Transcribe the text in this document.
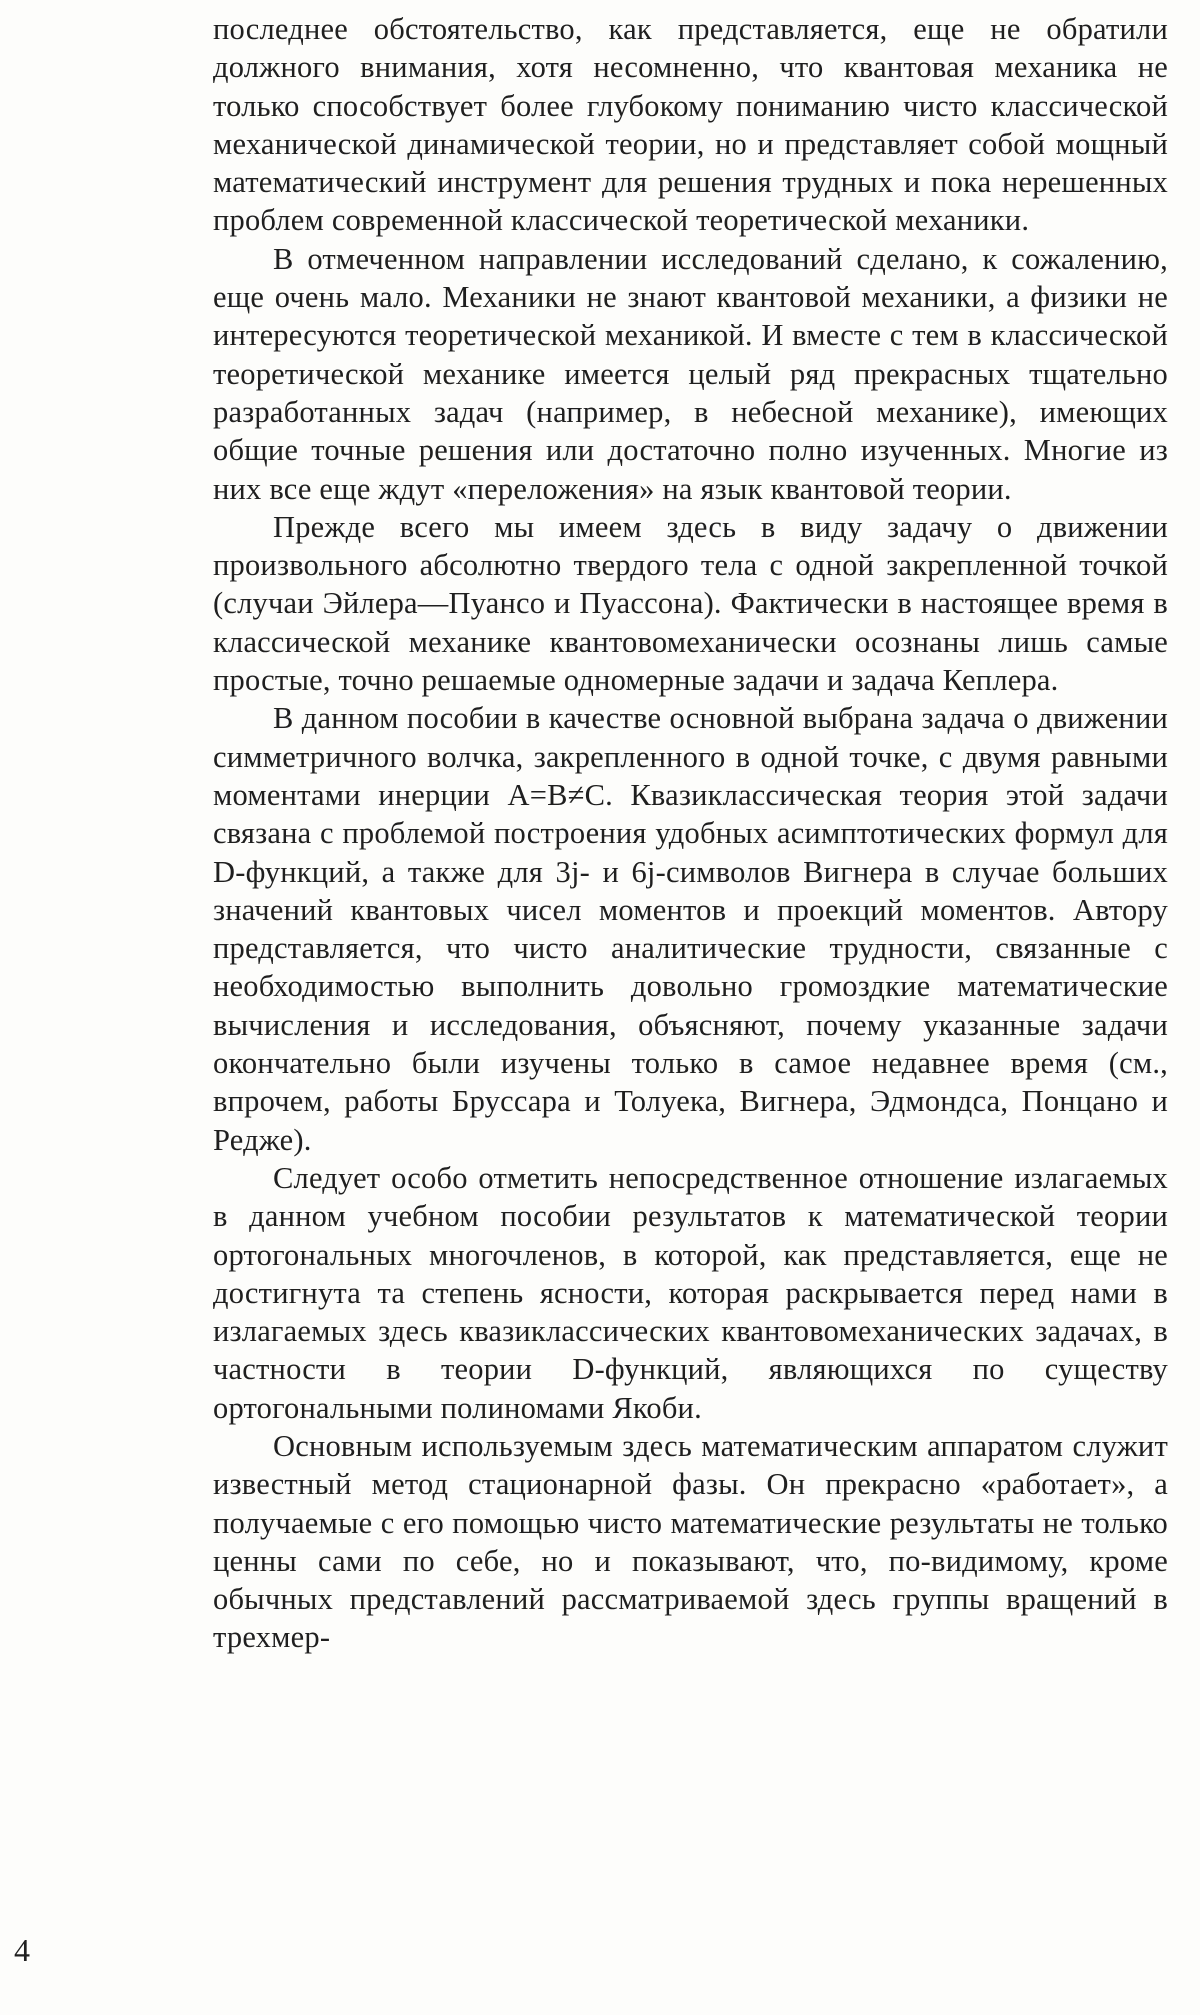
последнее обстоятельство, как представляется, еще не обратили должного внимания, хотя несомненно, что квантовая механика не только способствует более глубокому пониманию чисто классической механической динамической теории, но и представляет собой мощный математический инструмент для решения трудных и пока нерешенных проблем современной классической теоретической механики.

В отмеченном направлении исследований сделано, к сожалению, еще очень мало. Механики не знают квантовой механики, а физики не интересуются теоретической механикой. И вместе с тем в классической теоретической механике имеется целый ряд прекрасных тщательно разработанных задач (например, в небесной механике), имеющих общие точные решения или достаточно полно изученных. Многие из них все еще ждут «переложения» на язык квантовой теории.

Прежде всего мы имеем здесь в виду задачу о движении произвольного абсолютно твердого тела с одной закрепленной точкой (случаи Эйлера—Пуансо и Пуассона). Фактически в настоящее время в классической механике квантовомеханически осознаны лишь самые простые, точно решаемые одномерные задачи и задача Кеплера.

В данном пособии в качестве основной выбрана задача о движении симметричного волчка, закрепленного в одной точке, с двумя равными моментами инерции A=B≠C. Квазиклассическая теория этой задачи связана с проблемой построения удобных асимптотических формул для D-функций, а также для 3j- и 6j-символов Вигнера в случае больших значений квантовых чисел моментов и проекций моментов. Автору представляется, что чисто аналитические трудности, связанные с необходимостью выполнить довольно громоздкие математические вычисления и исследования, объясняют, почему указанные задачи окончательно были изучены только в самое недавнее время (см., впрочем, работы Бруссара и Толуека, Вигнера, Эдмондса, Понцано и Редже).

Следует особо отметить непосредственное отношение излагаемых в данном учебном пособии результатов к математической теории ортогональных многочленов, в которой, как представляется, еще не достигнута та степень ясности, которая раскрывается перед нами в излагаемых здесь квазиклассических квантовомеханических задачах, в частности в теории D-функций, являющихся по существу ортогональными полиномами Якоби.

Основным используемым здесь математическим аппаратом служит известный метод стационарной фазы. Он прекрасно «работает», а получаемые с его помощью чисто математические результаты не только ценны сами по себе, но и показывают, что, по-видимому, кроме обычных представлений рассматриваемой здесь группы вращений в трехмер-

4
